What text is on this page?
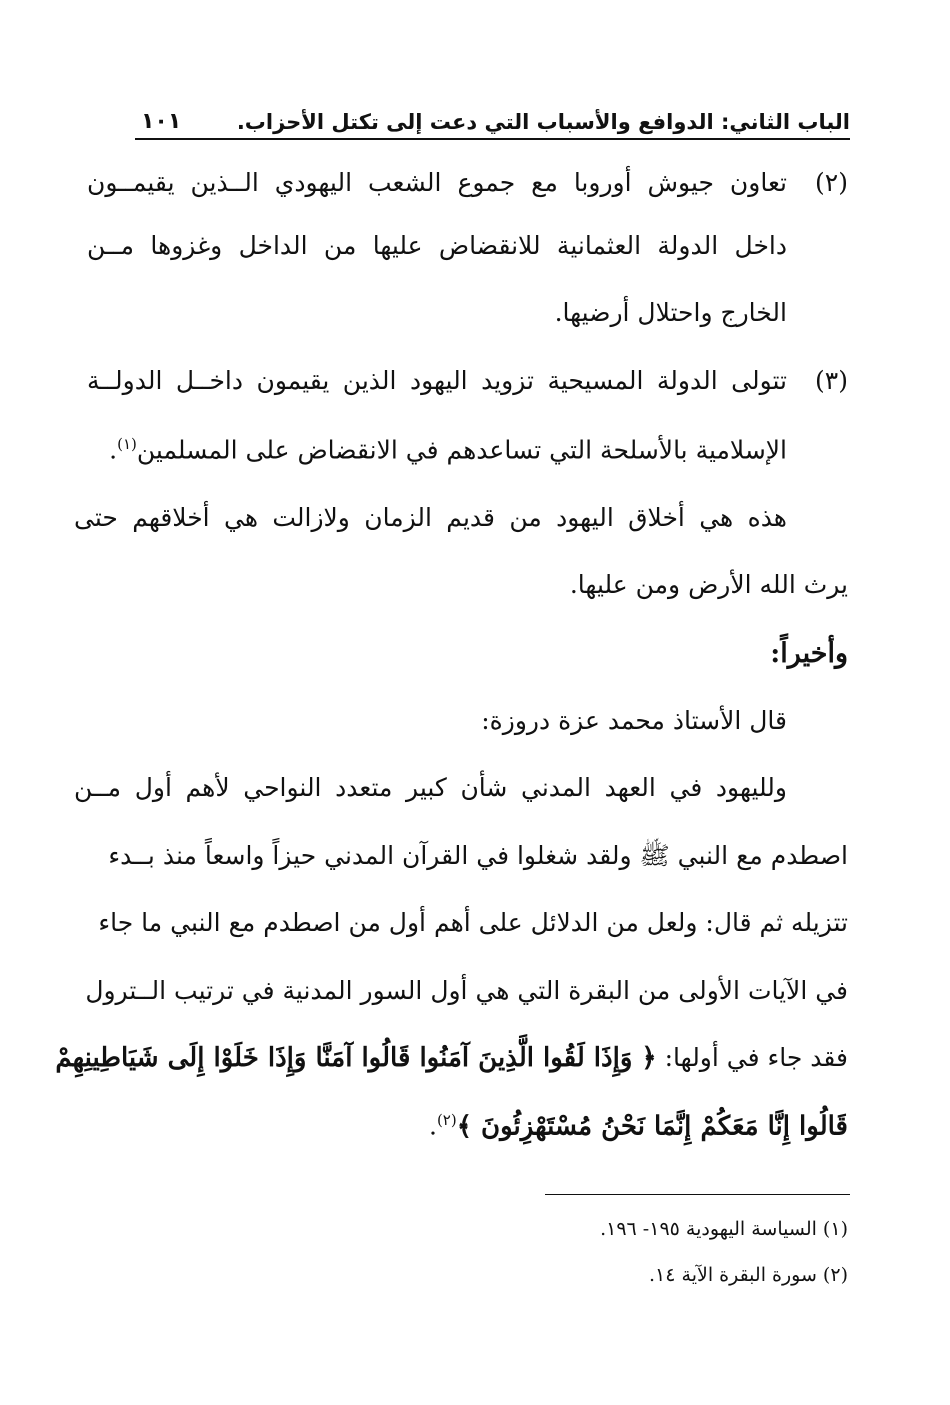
الباب الثاني: الدوافع والأسباب التي دعت إلى تكتل الأحزاب.
١٠١
(٢)
تعاون جيوش أوروبا مع جموع الشعب اليهودي الــذين يقيمــون
داخل الدولة العثمانية للانقضاض عليها من الداخل وغزوها مــن
الخارج واحتلال أرضيها.
(٣)
تتولى الدولة المسيحية تزويد اليهود الذين يقيمون داخــل الدولــة
الإسلامية بالأسلحة التي تساعدهم في الانقضاض على المسلمين$^{(١)}$.
هذه هي أخلاق اليهود من قديم الزمان ولازالت هي أخلاقهم حتى
يرث الله الأرض ومن عليها.
وأخيراً:
قال الأستاذ محمد عزة دروزة:
ولليهود في العهد المدني شأن كبير متعدد النواحي لأهم أول مــن
اصطدم مع النبي ﷺ ولقد شغلوا في القرآن المدني حيزاً واسعاً منذ بــدء
تتزيله ثم قال: ولعل من الدلائل على أهم أول من اصطدم مع النبي ما جاء
في الآيات الأولى من البقرة التي هي أول السور المدنية في ترتيب الــترول
فقد جاء في أولها: ﴿ وَإِذَا لَقُوا الَّذِينَ آمَنُوا قَالُوا آمَنَّا وَإِذَا خَلَوْا إِلَى شَيَاطِينِهِمْ
قَالُوا إِنَّا مَعَكُمْ إِنَّمَا نَحْنُ مُسْتَهْزِئُونَ ﴾$^{(٢)}$.
(١) السياسة اليهودية ١٩٥- ١٩٦.
(٢) سورة البقرة الآية ١٤.
